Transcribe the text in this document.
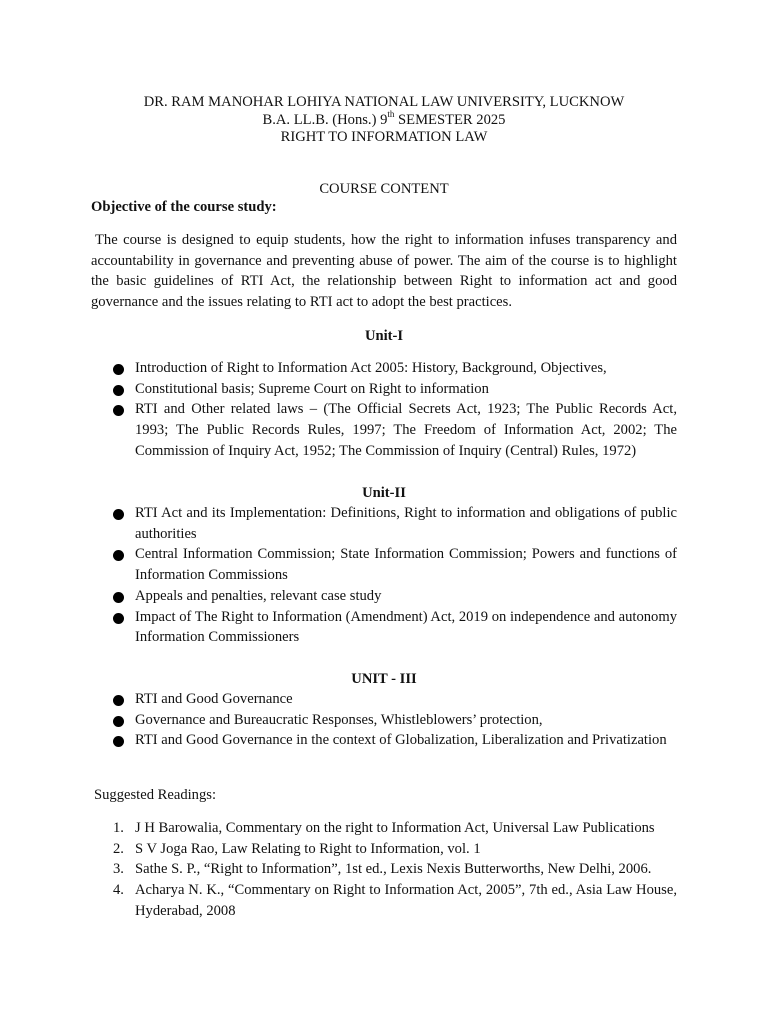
DR. RAM MANOHAR LOHIYA NATIONAL LAW UNIVERSITY, LUCKNOW
B.A. LL.B. (Hons.) 9th SEMESTER 2025
RIGHT TO INFORMATION LAW
COURSE CONTENT
Objective of the course study:
The course is designed to equip students, how the right to information infuses transparency and accountability in governance and preventing abuse of power. The aim of the course is to highlight the basic guidelines of RTI Act, the relationship between Right to information act and good governance and the issues relating to RTI act to adopt the best practices.
Unit-I
Introduction of Right to Information Act 2005: History, Background, Objectives,
Constitutional basis; Supreme Court on Right to information
RTI and Other related laws – (The Official Secrets Act, 1923; The Public Records Act, 1993; The Public Records Rules, 1997; The Freedom of Information Act, 2002; The Commission of Inquiry Act, 1952; The Commission of Inquiry (Central) Rules, 1972)
Unit-II
RTI Act and its Implementation: Definitions, Right to information and obligations of public authorities
Central Information Commission; State Information Commission; Powers and functions of Information Commissions
Appeals and penalties, relevant case study
Impact of The Right to Information (Amendment) Act, 2019 on independence and autonomy Information Commissioners
UNIT - III
RTI and Good Governance
Governance and Bureaucratic Responses, Whistleblowers’ protection,
RTI and Good Governance in the context of Globalization, Liberalization and Privatization
Suggested Readings:
1. J H Barowalia, Commentary on the right to Information Act, Universal Law Publications
2. S V Joga Rao, Law Relating to Right to Information, vol. 1
3. Sathe S. P., “Right to Information”, 1st ed., Lexis Nexis Butterworths, New Delhi, 2006.
4. Acharya N. K., “Commentary on Right to Information Act, 2005”, 7th ed., Asia Law House, Hyderabad, 2008
